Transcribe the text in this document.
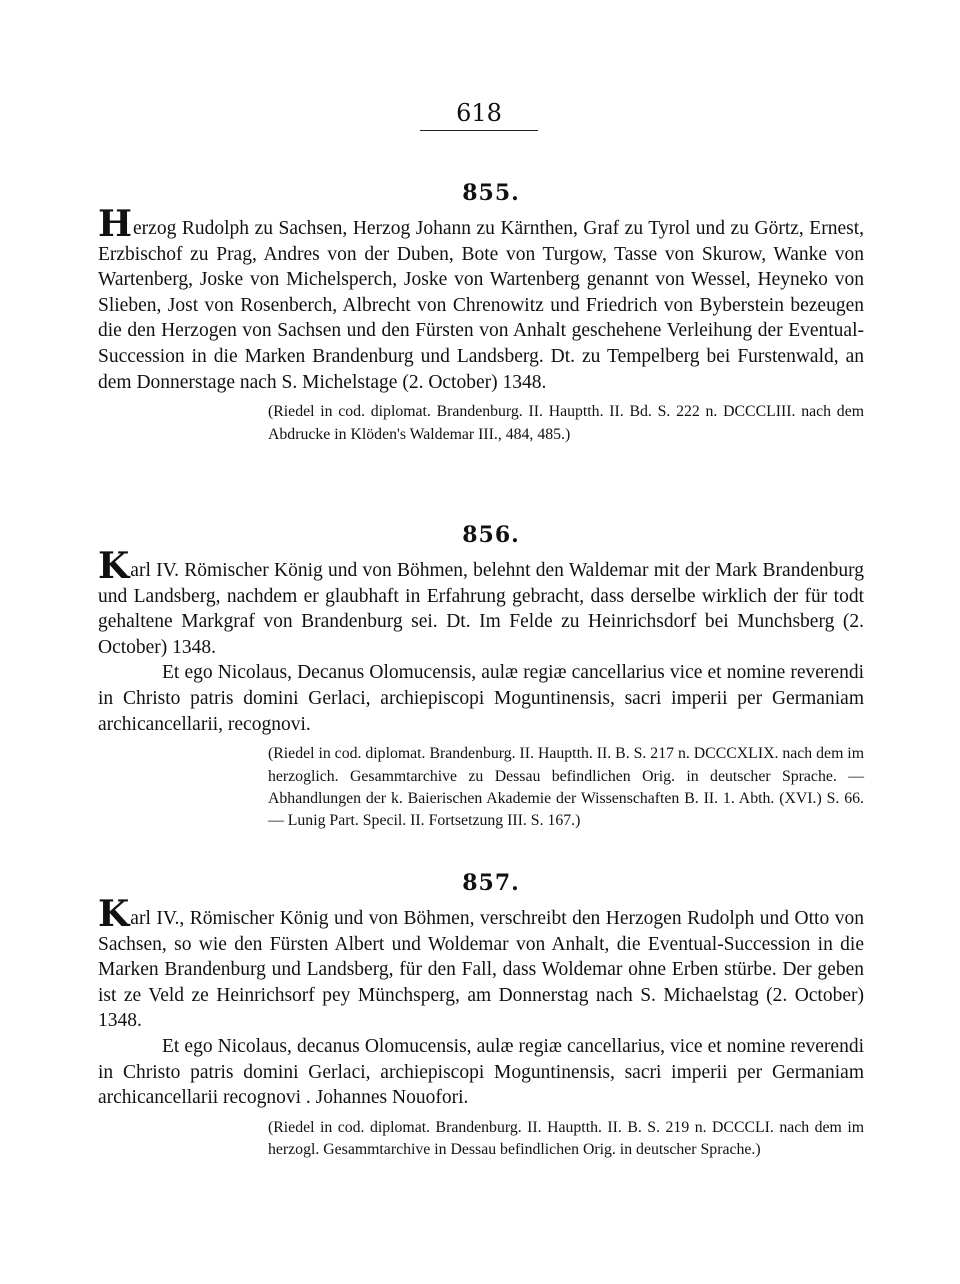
618
855.

Herzog Rudolph zu Sachsen, Herzog Johann zu Kärnthen, Graf zu Tyrol und zu Görtz, Ernest, Erzbischof zu Prag, Andres von der Duben, Bote von Turgow, Tasse von Skurow, Wanke von Wartenberg, Joske von Michelsperch, Joske von Wartenberg genannt von Wessel, Heyneko von Slieben, Jost von Rosenberch, Albrecht von Chrenowitz und Friedrich von Byberstein bezeugen die den Herzogen von Sachsen und den Fürsten von Anhalt geschehene Verleihung der Eventual-Succession in die Marken Brandenburg und Landsberg. Dt. zu Tempelberg bei Furstenwald, an dem Donnerstage nach S. Michelstage (2. October) 1348.

(Riedel in cod. diplomat. Brandenburg. II. Hauptth. II. Bd. S. 222 n. DCCCLIII. nach dem Abdrucke in Klöden's Waldemar III., 484, 485.)
856.

Karl IV. Römischer König und von Böhmen, belehnt den Waldemar mit der Mark Brandenburg und Landsberg, nachdem er glaubhaft in Erfahrung gebracht, dass derselbe wirklich der für todt gehaltene Markgraf von Brandenburg sei. Dt. Im Felde zu Heinrichsdorf bei Munchsberg (2. October) 1348.

Et ego Nicolaus, Decanus Olomucensis, aulæ regiæ cancellarius vice et nomine reverendi in Christo patris domini Gerlaci, archiepiscopi Moguntinensis, sacri imperii per Germaniam archicancellarii, recognovi.

(Riedel in cod. diplomat. Brandenburg. II. Hauptth. II. B. S. 217 n. DCCCXLIX. nach dem im herzoglich. Gesammtarchive zu Dessau befindlichen Orig. in deutscher Sprache. — Abhandlungen der k. Baierischen Akademie der Wissenschaften B. II. 1. Abth. (XVI.) S. 66. — Lunig Part. Specil. II. Fortsetzung III. S. 167.)
857.

Karl IV., Römischer König und von Böhmen, verschreibt den Herzogen Rudolph und Otto von Sachsen, so wie den Fürsten Albert und Woldemar von Anhalt, die Eventual-Succession in die Marken Brandenburg und Landsberg, für den Fall, dass Woldemar ohne Erben stürbe. Der geben ist ze Veld ze Heinrichsorf pey Münchsperg, am Donnerstag nach S. Michaelstag (2. October) 1348.

Et ego Nicolaus, decanus Olomucensis, aulæ regiæ cancellarius, vice et nomine reverendi in Christo patris domini Gerlaci, archiepiscopi Moguntinensis, sacri imperii per Germaniam archicancellarii recognovi . Johannes Nouofori.

(Riedel in cod. diplomat. Brandenburg. II. Hauptth. II. B. S. 219 n. DCCCLI. nach dem im herzogl. Gesammtarchive in Dessau befindlichen Orig. in deutscher Sprache.)
